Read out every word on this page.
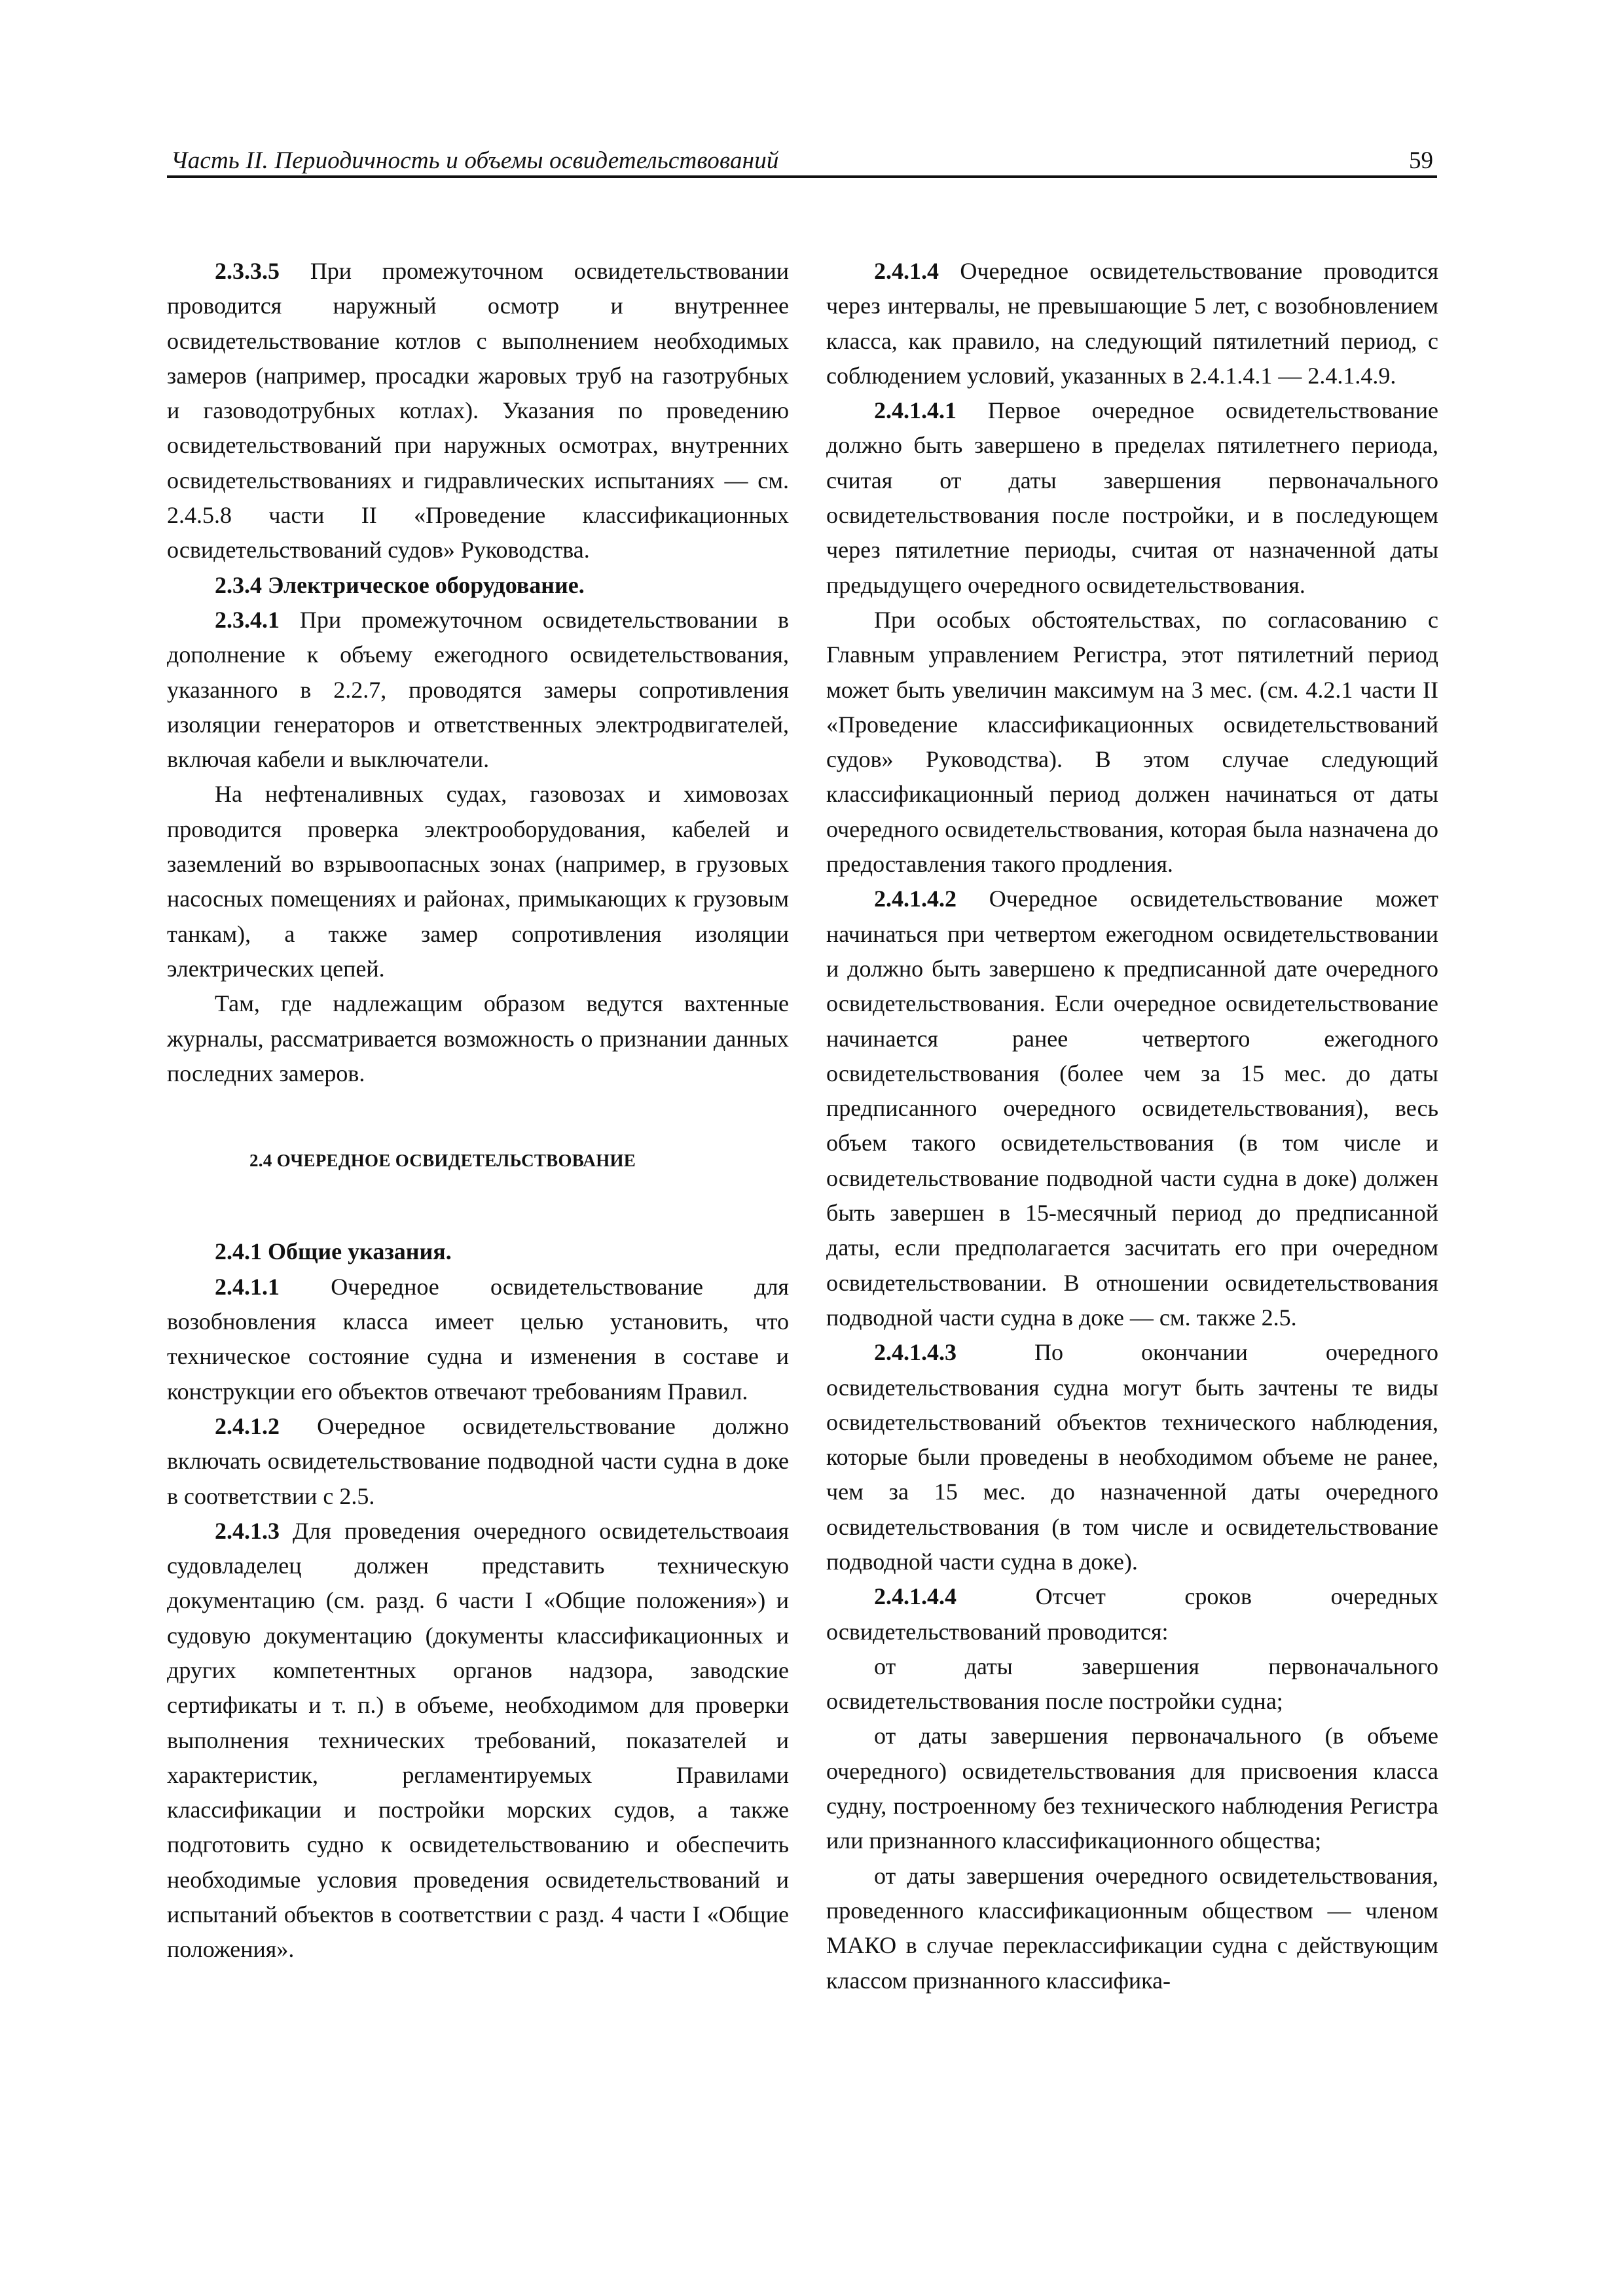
Часть II. Периодичность и объемы освидетельствований	59

2.3.3.5 При промежуточном освидетельствовании проводится наружный осмотр и внутреннее освидетельствование котлов с выполнением необходимых замеров (например, просадки жаровых труб на газотрубных и газоводотрубных котлах). Указания по проведению освидетельствований при наружных осмотрах, внутренних освидетельствованиях и гидравлических испытаниях — см. 2.4.5.8 части II «Проведение классификационных освидетельствований судов» Руководства.

2.3.4 Электрическое оборудование.

2.3.4.1 При промежуточном освидетельствовании в дополнение к объему ежегодного освидетельствования, указанного в 2.2.7, проводятся замеры сопротивления изоляции генераторов и ответственных электродвигателей, включая кабели и выключатели.

На нефтеналивных судах, газовозах и химовозах проводится проверка электрооборудования, кабелей и заземлений во взрывоопасных зонах (например, в грузовых насосных помещениях и районах, примыкающих к грузовым танкам), а также замер сопротивления изоляции электрических цепей.

Там, где надлежащим образом ведутся вахтенные журналы, рассматривается возможность о признании данных последних замеров.

2.4 ОЧЕРЕДНОЕ ОСВИДЕТЕЛЬСТВОВАНИЕ

2.4.1 Общие указания.

2.4.1.1 Очередное освидетельствование для возобновления класса имеет целью установить, что техническое состояние судна и изменения в составе и конструкции его объектов отвечают требованиям Правил.

2.4.1.2 Очередное освидетельствование должно включать освидетельствование подводной части судна в доке в соответствии с 2.5.

2.4.1.3 Для проведения очередного освидетельствоаия судовладелец должен представить техническую документацию (см. разд. 6 части I «Общие положения») и судовую документацию (документы классификационных и других компетентных органов надзора, заводские сертификаты и т. п.) в объеме, необходимом для проверки выполнения технических требований, показателей и характеристик, регламентируемых Правилами классификации и постройки морских судов, а также подготовить судно к освидетельствованию и обеспечить необходимые условия проведения освидетельствований и испытаний объектов в соответствии с разд. 4 части I «Общие положения».

2.4.1.4 Очередное освидетельствование проводится через интервалы, не превышающие 5 лет, с возобновлением класса, как правило, на следующий пятилетний период, с соблюдением условий, указанных в 2.4.1.4.1 — 2.4.1.4.9.

2.4.1.4.1 Первое очередное освидетельствование должно быть завершено в пределах пятилетнего периода, считая от даты завершения первоначального освидетельствования после постройки, и в последующем через пятилетние периоды, считая от назначенной даты предыдущего очередного освидетельствования.

При особых обстоятельствах, по согласованию с Главным управлением Регистра, этот пятилетний период может быть увеличин максимум на 3 мес. (см. 4.2.1 части II «Проведение классификационных освидетельствований судов» Руководства). В этом случае следующий классификационный период должен начинаться от даты очередного освидетельствования, которая была назначена до предоставления такого продления.

2.4.1.4.2 Очередное освидетельствование может начинаться при четвертом ежегодном освидетельствовании и должно быть завершено к предписанной дате очередного освидетельствования. Если очередное освидетельствование начинается ранее четвертого ежегодного освидетельствования (более чем за 15 мес. до даты предписанного очередного освидетельствования), весь объем такого освидетельствования (в том числе и освидетельствование подводной части судна в доке) должен быть завершен в 15-месячный период до предписанной даты, если предполагается засчитать его при очередном освидетельствовании. В отношении освидетельствования подводной части судна в доке — см. также 2.5.

2.4.1.4.3 По окончании очередного освидетельствования судна могут быть зачтены те виды освидетельствований объектов технического наблюдения, которые были проведены в необходимом объеме не ранее, чем за 15 мес. до назначенной даты очередного освидетельствования (в том числе и освидетельствование подводной части судна в доке).

2.4.1.4.4 Отсчет сроков очередных освидетельствований проводится:

от даты завершения первоначального освидетельствования после постройки судна;

от даты завершения первоначального (в объеме очередного) освидетельствования для присвоения класса судну, построенному без технического наблюдения Регистра или признанного классификационного общества;

от даты завершения очередного освидетельствования, проведенного классификационным обществом — членом МАКО в случае переклассификации судна с действующим классом признанного классифика-
